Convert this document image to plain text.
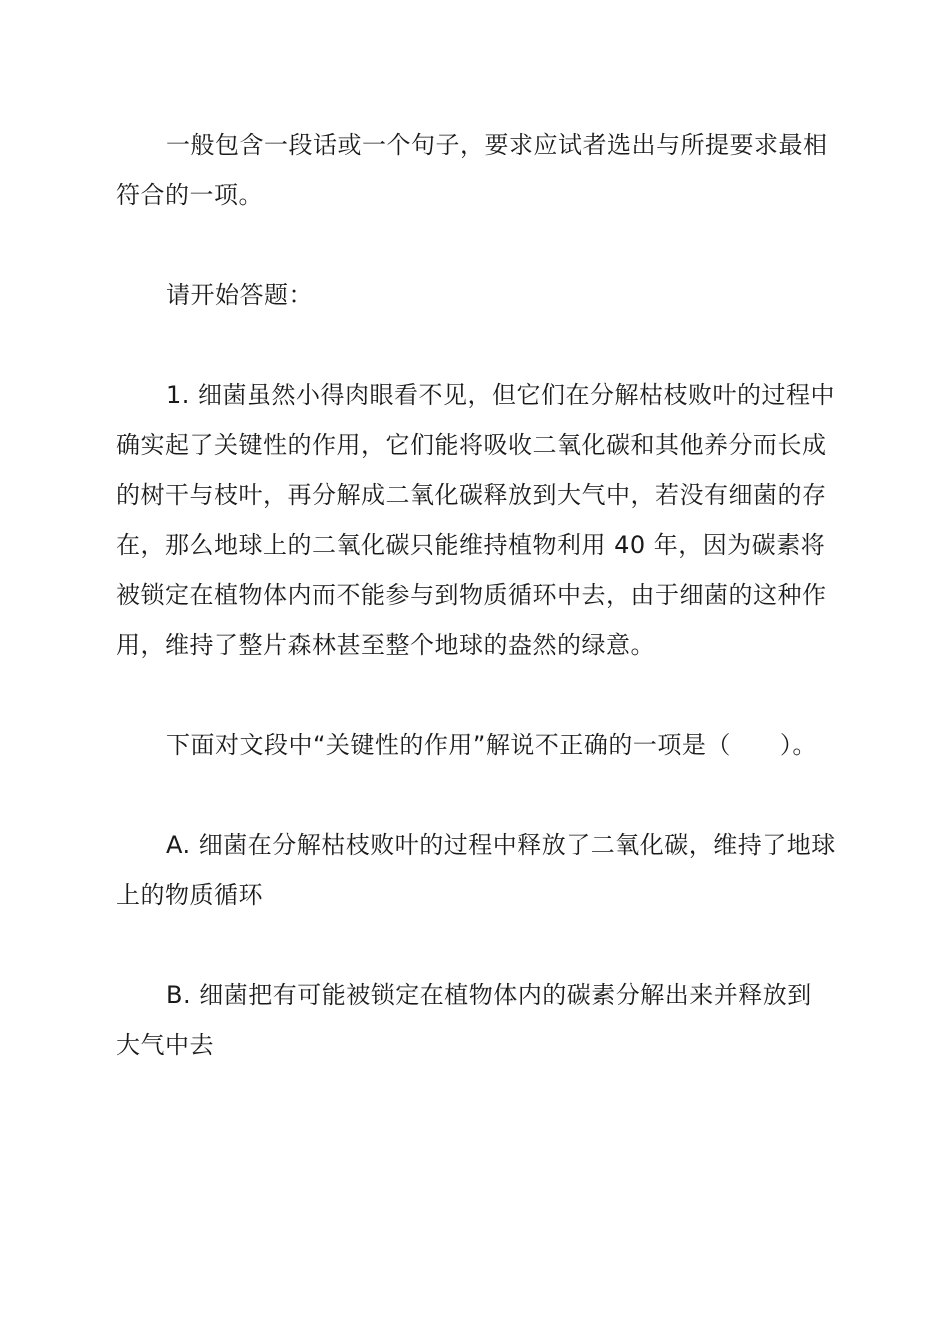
一般包含一段话或一个句子，要求应试者选出与所提要求最相符合的一项。

请开始答题：

1. 细菌虽然小得肉眼看不见，但它们在分解枯枝败叶的过程中确实起了关键性的作用，它们能将吸收二氧化碳和其他养分而长成的树干与枝叶，再分解成二氧化碳释放到大气中，若没有细菌的存在，那么地球上的二氧化碳只能维持植物利用 40 年，因为碳素将被锁定在植物体内而不能参与到物质循环中去，由于细菌的这种作用，维持了整片森林甚至整个地球的盎然的绿意。

下面对文段中“关键性的作用”解说不正确的一项是（　　）。

A. 细菌在分解枯枝败叶的过程中释放了二氧化碳，维持了地球上的物质循环

B. 细菌把有可能被锁定在植物体内的碳素分解出来并释放到大气中去
